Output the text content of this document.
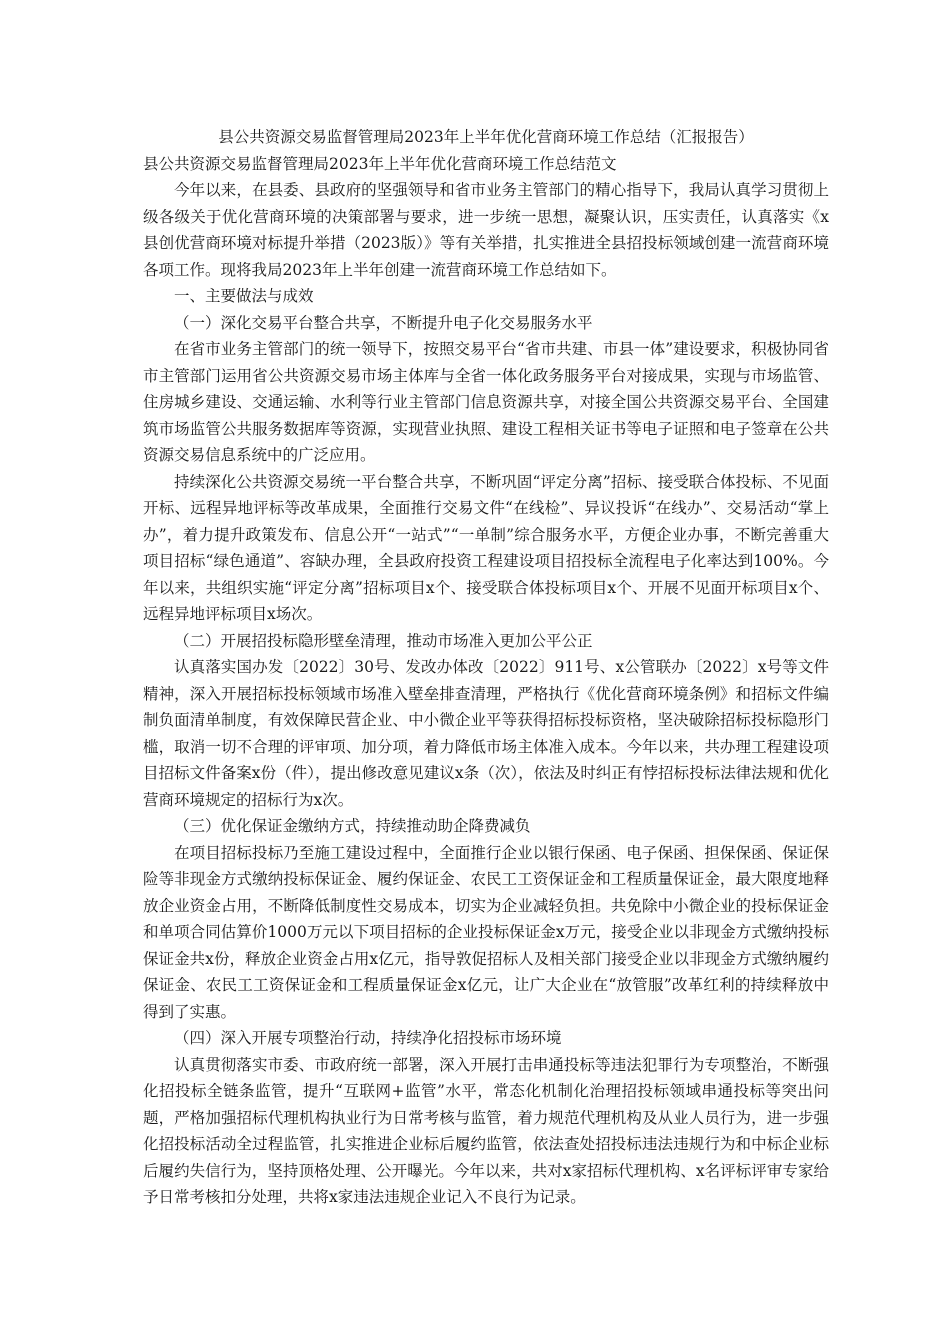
县公共资源交易监督管理局2023年上半年优化营商环境工作总结（汇报报告）

县公共资源交易监督管理局2023年上半年优化营商环境工作总结范文

今年以来，在县委、县政府的坚强领导和省市业务主管部门的精心指导下，我局认真学习贯彻上级各级关于优化营商环境的决策部署与要求，进一步统一思想，凝聚认识，压实责任，认真落实《x县创优营商环境对标提升举措（2023版）》等有关举措，扎实推进全县招投标领域创建一流营商环境各项工作。现将我局2023年上半年创建一流营商环境工作总结如下。

一、主要做法与成效

（一）深化交易平台整合共享，不断提升电子化交易服务水平

在省市业务主管部门的统一领导下，按照交易平台“省市共建、市县一体”建设要求，积极协同省市主管部门运用省公共资源交易市场主体库与全省一体化政务服务平台对接成果，实现与市场监管、住房城乡建设、交通运输、水利等行业主管部门信息资源共享，对接全国公共资源交易平台、全国建筑市场监管公共服务数据库等资源，实现营业执照、建设工程相关证书等电子证照和电子签章在公共资源交易信息系统中的广泛应用。

持续深化公共资源交易统一平台整合共享，不断巩固“评定分离”招标、接受联合体投标、不见面开标、远程异地评标等改革成果，全面推行交易文件“在线检”、异议投诉“在线办”、交易活动“掌上办”，着力提升政策发布、信息公开“一站式”“一单制”综合服务水平，方便企业办事，不断完善重大项目招标“绿色通道”、容缺办理，全县政府投资工程建设项目招投标全流程电子化率达到100%。今年以来，共组织实施“评定分离”招标项目x个、接受联合体投标项目x个、开展不见面开标项目x个、远程异地评标项目x场次。

（二）开展招投标隐形壁垒清理，推动市场准入更加公平公正

认真落实国办发〔2022〕30号、发改办体改〔2022〕911号、x公管联办〔2022〕x号等文件精神，深入开展招标投标领域市场准入壁垒排查清理，严格执行《优化营商环境条例》和招标文件编制负面清单制度，有效保障民营企业、中小微企业平等获得招标投标资格，坚决破除招标投标隐形门槛，取消一切不合理的评审项、加分项，着力降低市场主体准入成本。今年以来，共办理工程建设项目招标文件备案x份（件），提出修改意见建议x条（次），依法及时纠正有悖招标投标法律法规和优化营商环境规定的招标行为x次。

（三）优化保证金缴纳方式，持续推动助企降费减负

在项目招标投标乃至施工建设过程中，全面推行企业以银行保函、电子保函、担保保函、保证保险等非现金方式缴纳投标保证金、履约保证金、农民工工资保证金和工程质量保证金，最大限度地释放企业资金占用，不断降低制度性交易成本，切实为企业减轻负担。共免除中小微企业的投标保证金和单项合同估算价1000万元以下项目招标的企业投标保证金x万元，接受企业以非现金方式缴纳投标保证金共x份，释放企业资金占用x亿元，指导敦促招标人及相关部门接受企业以非现金方式缴纳履约保证金、农民工工资保证金和工程质量保证金x亿元，让广大企业在“放管服”改革红利的持续释放中得到了实惠。

（四）深入开展专项整治行动，持续净化招投标市场环境

认真贯彻落实市委、市政府统一部署，深入开展打击串通投标等违法犯罪行为专项整治，不断强化招投标全链条监管，提升“互联网+监管”水平，常态化机制化治理招投标领域串通投标等突出问题，严格加强招标代理机构执业行为日常考核与监管，着力规范代理机构及从业人员行为，进一步强化招投标活动全过程监管，扎实推进企业标后履约监管，依法查处招投标违法违规行为和中标企业标后履约失信行为，坚持顶格处理、公开曝光。今年以来，共对x家招标代理机构、x名评标评审专家给予日常考核扣分处理，共将x家违法违规企业记入不良行为记录。
